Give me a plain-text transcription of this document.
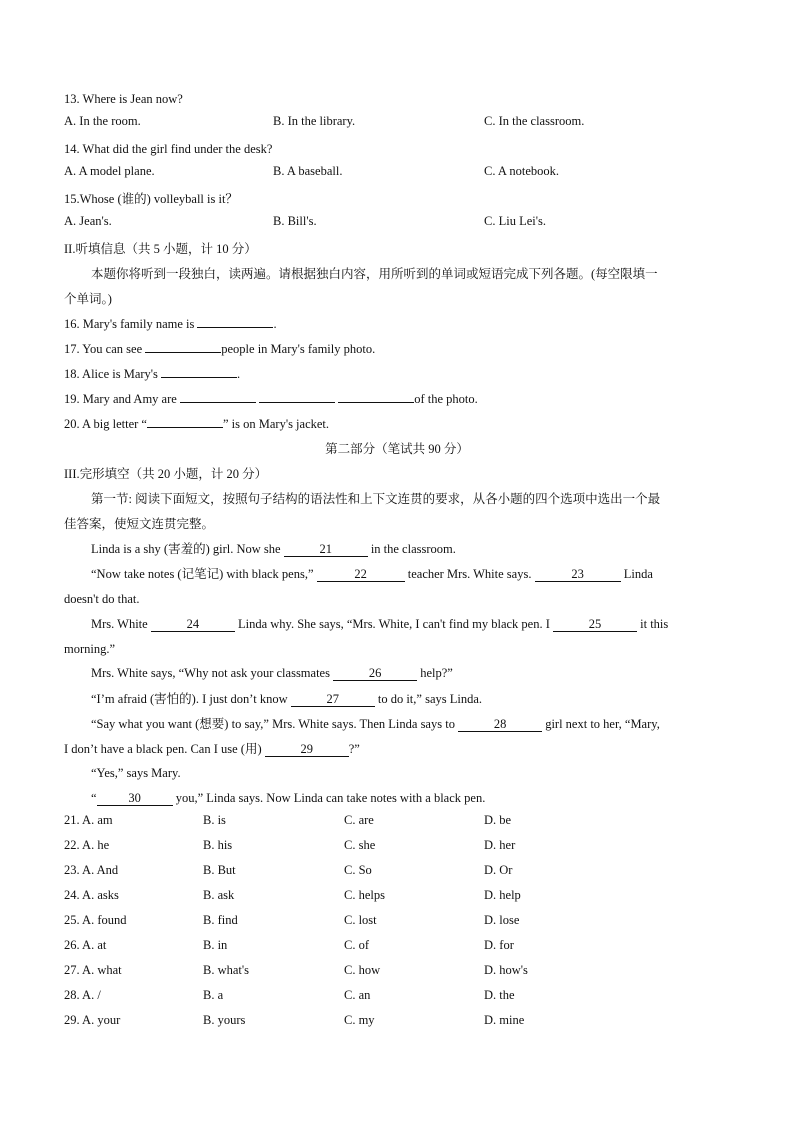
13. Where is Jean now?
A. In the room.	B. In the library.	C. In the classroom.
14. What did the girl find under the desk?
A. A model plane.	B. A baseball.	C. A notebook.
15.Whose (谁的) volleyball is it？
A. Jean's.	B. Bill's.	C. Liu Lei's.
II.听填信息（共 5 小题，计 10 分）
本题你将听到一段独白，读两遍。请根据独白内容，用所听到的单词或短语完成下列各题。(每空限填一
个单词。)
16. Mary's family name is	.
17. You can see	people in Mary's family photo.
18. Alice is Mary's	.
19. Mary and Amy are	of the photo.
20. A big letter “	” is on Mary's jacket.
第二部分（笔试共 90 分）
III.完形填空（共 20 小题，计 20 分）
第一节: 阅读下面短文，按照句子结构的语法性和上下文连贯的要求，从各小题的四个选项中选出一个最
佳答案，使短文连贯完整。
Linda is a shy (害羞的) girl. Now she	21	in the classroom.
“Now take notes (记笔记) with black pens,”	22	teacher Mrs. White says.	23	Linda
doesn't do that.
Mrs. White	24	Linda why. She says, “Mrs. White, I can't find my black pen. I	25	it this
morning.”
Mrs. White says, “Why not ask your classmates	26	help?”
“I’m afraid (害怕的). I just don’t know	27	to do it,” says Linda.
“Say what you want (想要) to say,” Mrs. White says. Then Linda says to	28	girl next to her, “Mary,
I don’t have a black pen. Can I use (用)	29	?”
“Yes,” says Mary.
“	30	you,” Linda says. Now Linda can take notes with a black pen.
21. A. am	B. is	C. are	D. be
22. A. he	B. his	C. she	D. her
23. A. And	B. But	C. So	D. Or
24. A. asks	B. ask	C. helps	D. help
25. A. found	B. find	C. lost	D. lose
26. A. at	B. in	C. of	D. for
27. A. what	B. what's	C. how	D. how's
28. A. /	B. a	C. an	D. the
29. A. your	B. yours	C. my	D. mine
